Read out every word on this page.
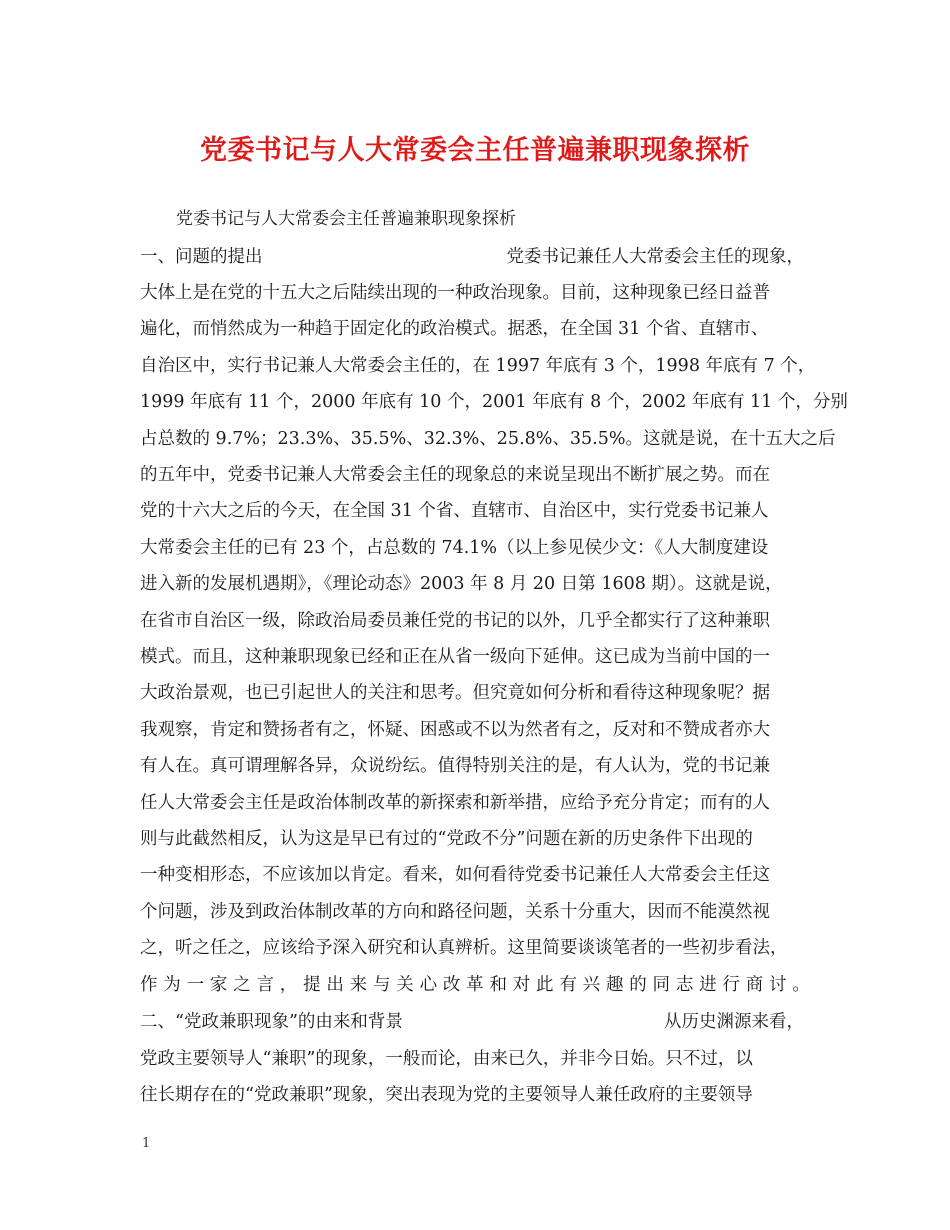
党委书记与人大常委会主任普遍兼职现象探析
党委书记与人大常委会主任普遍兼职现象探析
一、问题的提出	党委书记兼任人大常委会主任的现象，
大体上是在党的十五大之后陆续出现的一种政治现象。目前，这种现象已经日益普
遍化，而悄然成为一种趋于固定化的政治模式。据悉，在全国 31 个省、直辖市、
自治区中，实行书记兼人大常委会主任的，在 1997 年底有 3 个，1998 年底有 7 个，
1999 年底有 11 个，2000 年底有 10 个，2001 年底有 8 个，2002 年底有 11 个，分别
占总数的 9.7%；23.3%、35.5%、32.3%、25.8%、35.5%。这就是说，在十五大之后
的五年中，党委书记兼人大常委会主任的现象总的来说呈现出不断扩展之势。而在
党的十六大之后的今天，在全国 31 个省、直辖市、自治区中，实行党委书记兼人
大常委会主任的已有 23 个，占总数的 74.1%（以上参见侯少文：《人大制度建设
进入新的发展机遇期》，《理论动态》2003 年 8 月 20 日第 1608 期）。这就是说，
在省市自治区一级，除政治局委员兼任党的书记的以外，几乎全都实行了这种兼职
模式。而且，这种兼职现象已经和正在从省一级向下延伸。这已成为当前中国的一
大政治景观，也已引起世人的关注和思考。但究竟如何分析和看待这种现象呢？据
我观察，肯定和赞扬者有之，怀疑、困惑或不以为然者有之，反对和不赞成者亦大
有人在。真可谓理解各异，众说纷纭。值得特别关注的是，有人认为，党的书记兼
任人大常委会主任是政治体制改革的新探索和新举措，应给予充分肯定；而有的人
则与此截然相反，认为这是早已有过的“党政不分”问题在新的历史条件下出现的
一种变相形态，不应该加以肯定。看来，如何看待党委书记兼任人大常委会主任这
个问题，涉及到政治体制改革的方向和路径问题，关系十分重大，因而不能漠然视
之，听之任之，应该给予深入研究和认真辨析。这里简要谈谈笔者的一些初步看法，
作 为 一 家 之 言 ， 提 出 来 与 关 心 改 革 和 对 此 有 兴 趣 的 同 志 进 行 商 讨 。
二、“党政兼职现象”的由来和背景	从历史渊源来看，
党政主要领导人“兼职”的现象，一般而论，由来已久，并非今日始。只不过，以
往长期存在的“党政兼职”现象，突出表现为党的主要领导人兼任政府的主要领导
1
